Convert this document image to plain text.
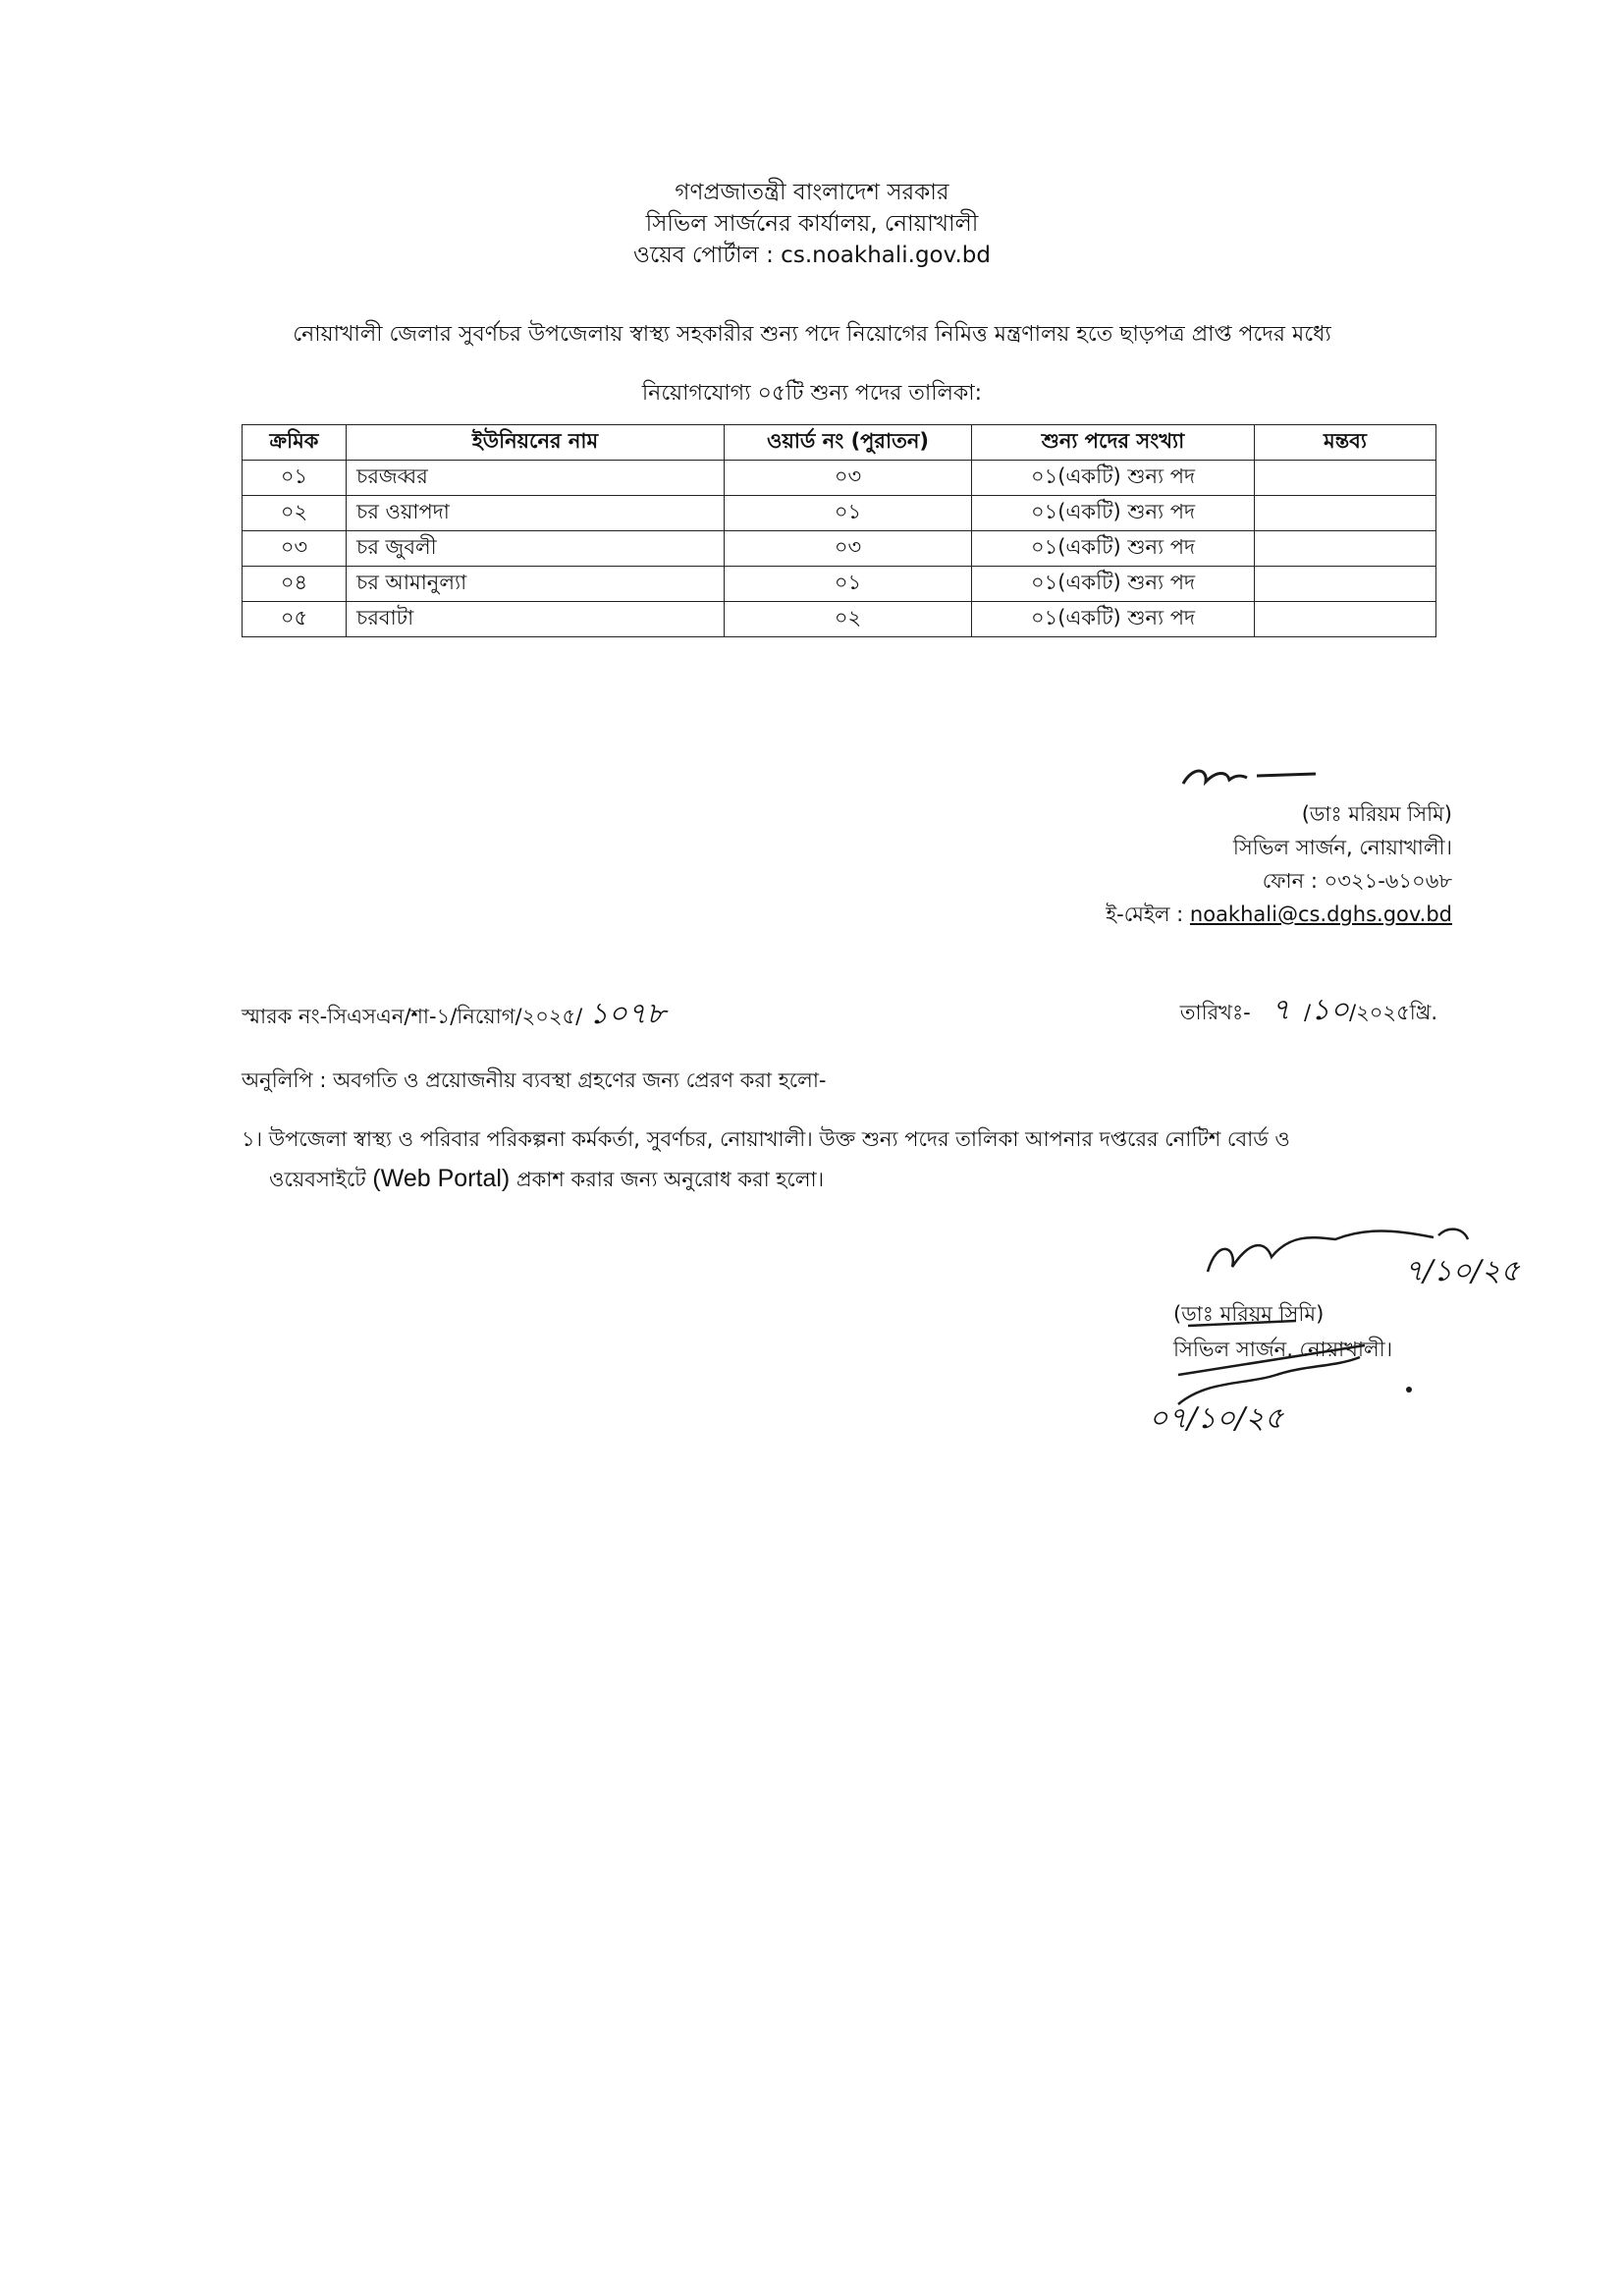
গণপ্রজাতন্ত্রী বাংলাদেশ সরকার
সিভিল সার্জনের কার্যালয়, নোয়াখালী
ওয়েব পোর্টাল : cs.noakhali.gov.bd
নোয়াখালী জেলার সুবর্ণচর উপজেলায় স্বাস্থ্য সহকারীর শুন্য পদে নিয়োগের নিমিত্ত মন্ত্রণালয় হতে ছাড়পত্র প্রাপ্ত পদের মধ্যে
নিয়োগযোগ্য ০৫টি শুন্য পদের তালিকা:
ক্রমিক	ইউনিয়নের নাম	ওয়ার্ড নং (পুরাতন)	শুন্য পদের সংখ্যা	মন্তব্য
০১	চরজব্বর	০৩	০১(একটি) শুন্য পদ	
০২	চর ওয়াপদা	০১	০১(একটি) শুন্য পদ	
০৩	চর জুবলী	০৩	০১(একটি) শুন্য পদ	
০৪	চর আমানুল্যা	০১	০১(একটি) শুন্য পদ	
০৫	চরবাটা	০২	০১(একটি) শুন্য পদ	
(ডাঃ মরিয়ম সিমি)
সিভিল সার্জন, নোয়াখালী।
ফোন : ০৩২১-৬১০৬৮
ই-মেইল : noakhali@cs.dghs.gov.bd
স্মারক নং-সিএসএন/শা-১/নিয়োগ/২০২৫/ ১০৭৮	তারিখঃ- ৭ /১০/২০২৫খ্রি.
অনুলিপি : অবগতি ও প্রয়োজনীয় ব্যবস্থা গ্রহণের জন্য প্রেরণ করা হলো-
১। উপজেলা স্বাস্থ্য ও পরিবার পরিকল্পনা কর্মকর্তা, সুবর্ণচর, নোয়াখালী। উক্ত শুন্য পদের তালিকা আপনার দপ্তরের নোটিশ বোর্ড ও
ওয়েবসাইটে (Web Portal) প্রকাশ করার জন্য অনুরোধ করা হলো।
৭/১০/২৫
(ডাঃ মরিয়ম সিমি)
সিভিল সার্জন, নোয়াখালী।
০৭/১০/২৫
